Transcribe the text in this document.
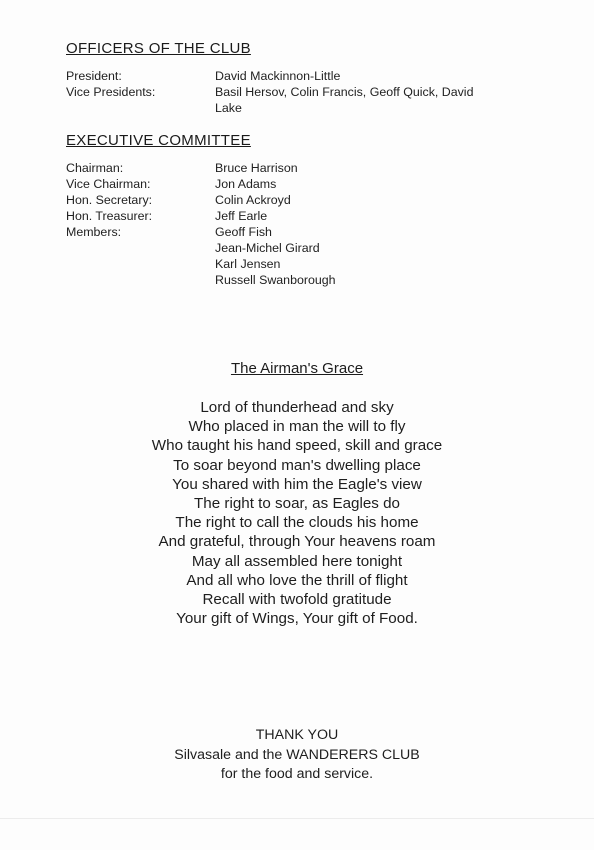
OFFICERS OF THE CLUB
President:	David Mackinnon-Little
Vice Presidents:	Basil Hersov, Colin Francis, Geoff Quick, David Lake
EXECUTIVE COMMITTEE
Chairman:	Bruce Harrison
Vice Chairman:	Jon Adams
Hon. Secretary:	Colin Ackroyd
Hon. Treasurer:	Jeff Earle
Members:	Geoff Fish
Jean-Michel Girard
Karl Jensen
Russell Swanborough
The Airman's Grace
Lord of thunderhead and sky
Who placed in man the will to fly
Who taught his hand speed, skill and grace
To soar beyond man's dwelling place
You shared with him the Eagle's view
The right to soar, as Eagles do
The right to call the clouds his home
And grateful, through Your heavens roam
May all assembled here tonight
And all who love the thrill of flight
Recall with twofold gratitude
Your gift of Wings, Your gift of Food.
THANK YOU
Silvasale and the WANDERERS CLUB
for the food and service.
